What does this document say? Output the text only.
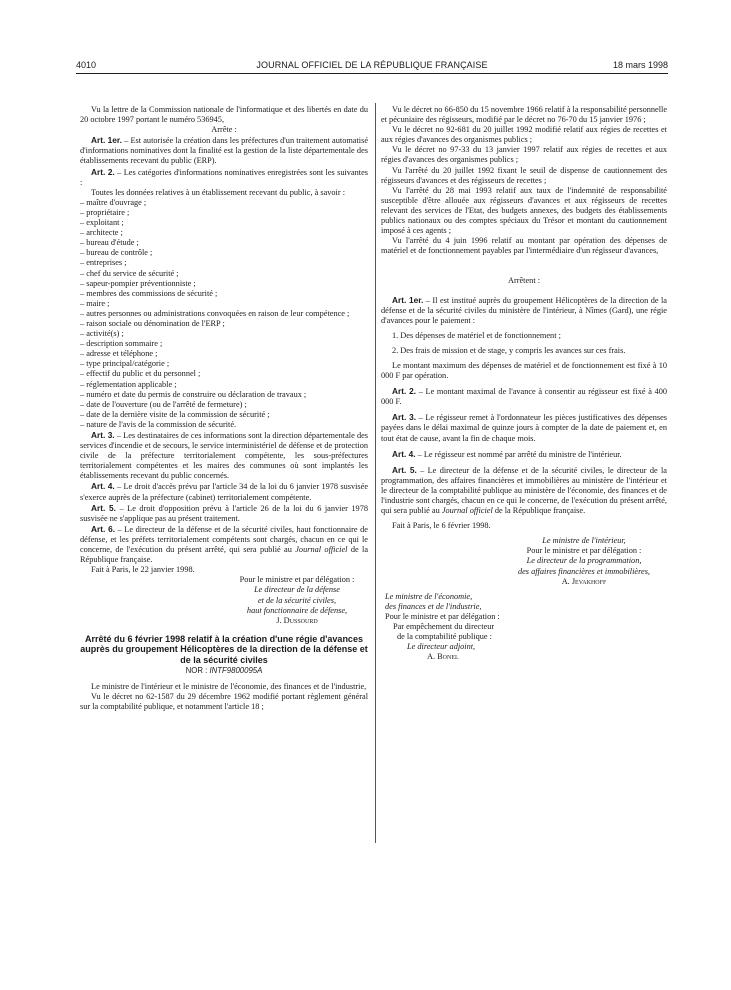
4010	JOURNAL OFFICIEL DE LA RÉPUBLIQUE FRANÇAISE	18 mars 1998

Vu la lettre de la Commission nationale de l'informatique et des libertés en date du 20 octobre 1997 portant le numéro 536945,

Arrête :

Art. 1er. – Est autorisée la création dans les préfectures d'un traitement automatisé d'informations nominatives dont la finalité est la gestion de la liste départementale des établissements recevant du public (ERP).

Art. 2. – Les catégories d'informations nominatives enregistrées sont les suivantes :

Toutes les données relatives à un établissement recevant du public, à savoir :

– maître d'ouvrage ;

– propriétaire ;

– exploitant ;

– architecte ;

– bureau d'étude ;

– bureau de contrôle ;

– entreprises ;

– chef du service de sécurité ;

– sapeur-pompier préventionniste ;

– membres des commissions de sécurité ;

– maire ;

– autres personnes ou administrations convoquées en raison de leur compétence ;

– raison sociale ou dénomination de l'ERP ;

– activité(s) ;

– description sommaire ;

– adresse et téléphone ;

– type principal/catégorie ;

– effectif du public et du personnel ;

– réglementation applicable ;

– numéro et date du permis de construire ou déclaration de travaux ;

– date de l'ouverture (ou de l'arrêté de fermeture) ;

– date de la dernière visite de la commission de sécurité ;

– nature de l'avis de la commission de sécurité.

Art. 3. – Les destinataires de ces informations sont la direction départementale des services d'incendie et de secours, le service interministériel de défense et de protection civile de la préfecture territorialement compétente, les sous-préfectures territorialement compétentes et les maires des communes où sont implantés les établissements recevant du public concernés.

Art. 4. – Le droit d'accès prévu par l'article 34 de la loi du 6 janvier 1978 susvisée s'exerce auprès de la préfecture (cabinet) territorialement compétente.

Art. 5. – Le droit d'opposition prévu à l'article 26 de la loi du 6 janvier 1978 susvisée ne s'applique pas au présent traitement.

Art. 6. – Le directeur de la défense et de la sécurité civiles, haut fonctionnaire de défense, et les préfets territorialement compétents sont chargés, chacun en ce qui le concerne, de l'exécution du présent arrêté, qui sera publié au Journal officiel de la République française.

Fait à Paris, le 22 janvier 1998.

Pour le ministre et par délégation :

Le directeur de la défense

et de la sécurité civiles,

haut fonctionnaire de défense,

J. Dussourd

Arrêté du 6 février 1998 relatif à la création d'une régie d'avances auprès du groupement Hélicoptères de la direction de la défense et de la sécurité civiles

NOR : INTF9800095A

Le ministre de l'intérieur et le ministre de l'économie, des finances et de l'industrie,

Vu le décret no 62-1587 du 29 décembre 1962 modifié portant règlement général sur la comptabilité publique, et notamment l'article 18 ;

Vu le décret no 66-850 du 15 novembre 1966 relatif à la responsabilité personnelle et pécuniaire des régisseurs, modifié par le décret no 76-70 du 15 janvier 1976 ;

Vu le décret no 92-681 du 20 juillet 1992 modifié relatif aux régies de recettes et aux régies d'avances des organismes publics ;

Vu le décret no 97-33 du 13 janvier 1997 relatif aux régies de recettes et aux régies d'avances des organismes publics ;

Vu l'arrêté du 20 juillet 1992 fixant le seuil de dispense de cautionnement des régisseurs d'avances et des régisseurs de recettes ;

Vu l'arrêté du 28 mai 1993 relatif aux taux de l'indemnité de responsabilité susceptible d'être allouée aux régisseurs d'avances et aux régisseurs de recettes relevant des services de l'Etat, des budgets annexes, des budgets des établissements publics nationaux ou des comptes spéciaux du Trésor et montant du cautionnement imposé à ces agents ;

Vu l'arrêté du 4 juin 1996 relatif au montant par opération des dépenses de matériel et de fonctionnement payables par l'intermédiaire d'un régisseur d'avances,

Arrêtent :

Art. 1er. – Il est institué auprès du groupement Hélicoptères de la direction de la défense et de la sécurité civiles du ministère de l'intérieur, à Nîmes (Gard), une régie d'avances pour le paiement :

1. Des dépenses de matériel et de fonctionnement ;

2. Des frais de mission et de stage, y compris les avances sur ces frais.

Le montant maximum des dépenses de matériel et de fonctionnement est fixé à 10 000 F par opération.

Art. 2. – Le montant maximal de l'avance à consentir au régisseur est fixé à 400 000 F.

Art. 3. – Le régisseur remet à l'ordonnateur les pièces justificatives des dépenses payées dans le délai maximal de quinze jours à compter de la date de paiement et, en tout état de cause, avant la fin de chaque mois.

Art. 4. – Le régisseur est nommé par arrêté du ministre de l'intérieur.

Art. 5. – Le directeur de la défense et de la sécurité civiles, le directeur de la programmation, des affaires financières et immobilières au ministère de l'intérieur et le directeur de la comptabilité publique au ministère de l'économie, des finances et de l'industrie sont chargés, chacun en ce qui le concerne, de l'exécution du présent arrêté, qui sera publié au Journal officiel de la République française.

Fait à Paris, le 6 février 1998.

Le ministre de l'intérieur,

Pour le ministre et par délégation :

Le directeur de la programmation,

des affaires financières et immobilières,

A. Jevakhoff

Le ministre de l'économie,

des finances et de l'industrie,

Pour le ministre et par délégation :

Par empêchement du directeur

de la comptabilité publique :

Le directeur adjoint,

A. Bonel
